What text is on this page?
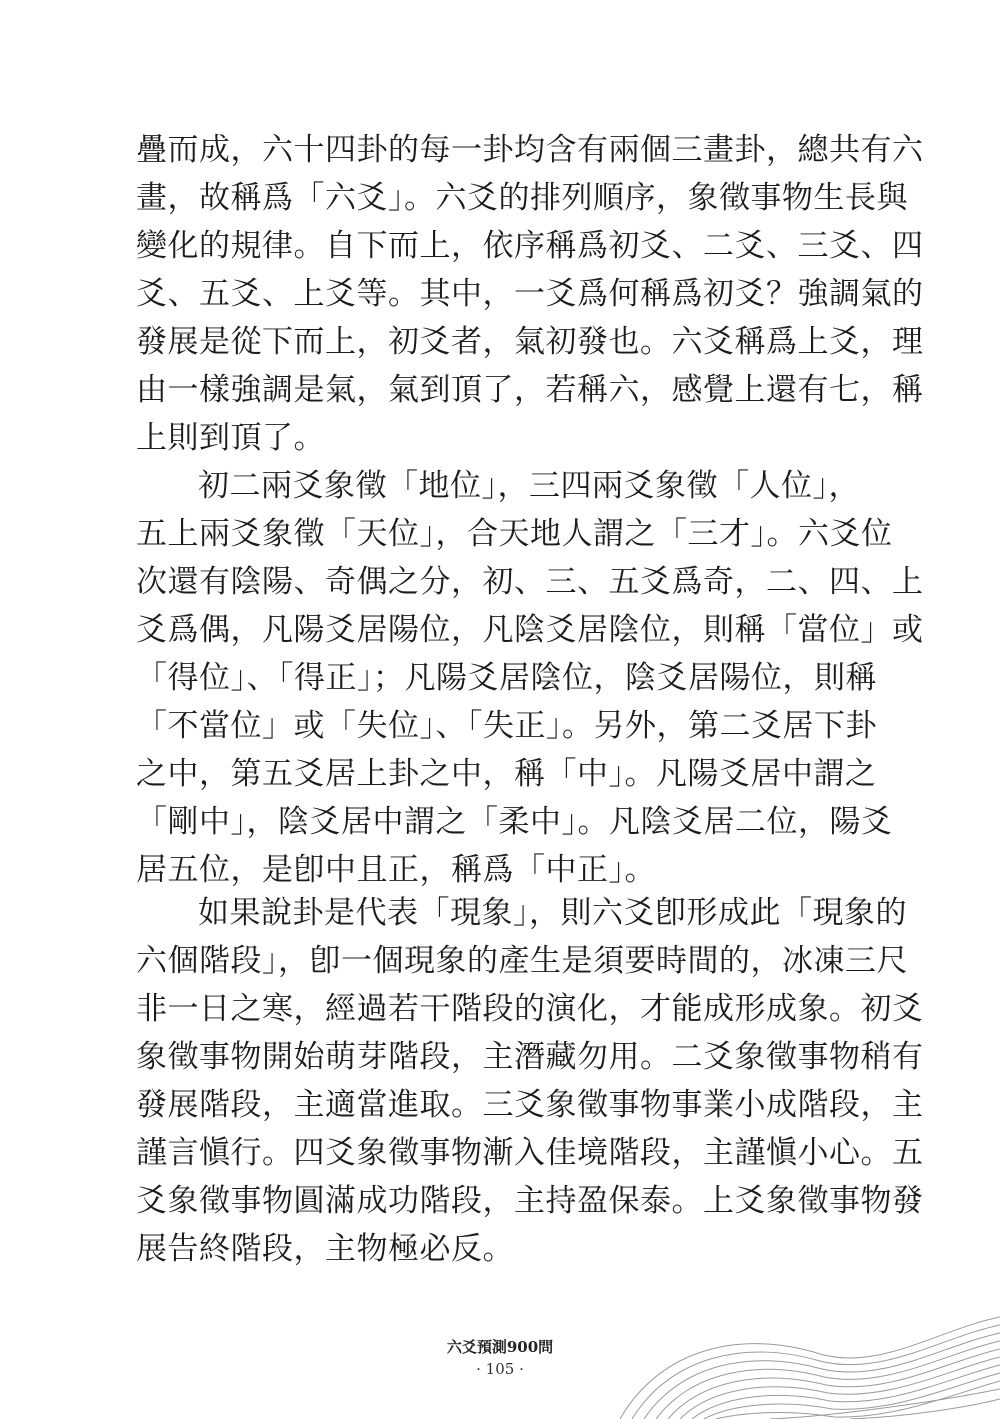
疊而成，六十四卦的每一卦均含有兩個三畫卦，總共有六
畫，故稱爲「六爻」。六爻的排列順序，象徵事物生長與
變化的規律。自下而上，依序稱爲初爻、二爻、三爻、四
爻、五爻、上爻等。其中，一爻爲何稱爲初爻？強調氣的
發展是從下而上，初爻者，氣初發也。六爻稱爲上爻，理
由一樣強調是氣，氣到頂了，若稱六，感覺上還有七，稱
上則到頂了。
初二兩爻象徵「地位」，三四兩爻象徵「人位」，
五上兩爻象徵「天位」，合天地人謂之「三才」。六爻位
次還有陰陽、奇偶之分，初、三、五爻爲奇，二、四、上
爻爲偶，凡陽爻居陽位，凡陰爻居陰位，則稱「當位」或
「得位」、「得正」；凡陽爻居陰位，陰爻居陽位，則稱
「不當位」或「失位」、「失正」。另外，第二爻居下卦
之中，第五爻居上卦之中，稱「中」。凡陽爻居中謂之
「剛中」，陰爻居中謂之「柔中」。凡陰爻居二位，陽爻
居五位，是卽中且正，稱爲「中正」。
如果說卦是代表「現象」，則六爻卽形成此「現象的
六個階段」，卽一個現象的產生是須要時間的，冰凍三尺
非一日之寒，經過若干階段的演化，才能成形成象。初爻
象徵事物開始萌芽階段，主潛藏勿用。二爻象徵事物稍有
發展階段，主適當進取。三爻象徵事物事業小成階段，主
謹言愼行。四爻象徵事物漸入佳境階段，主謹愼小心。五
爻象徵事物圓滿成功階段，主持盈保泰。上爻象徵事物發
展告終階段，主物極必反。
六爻預測900問
· 105 ·
